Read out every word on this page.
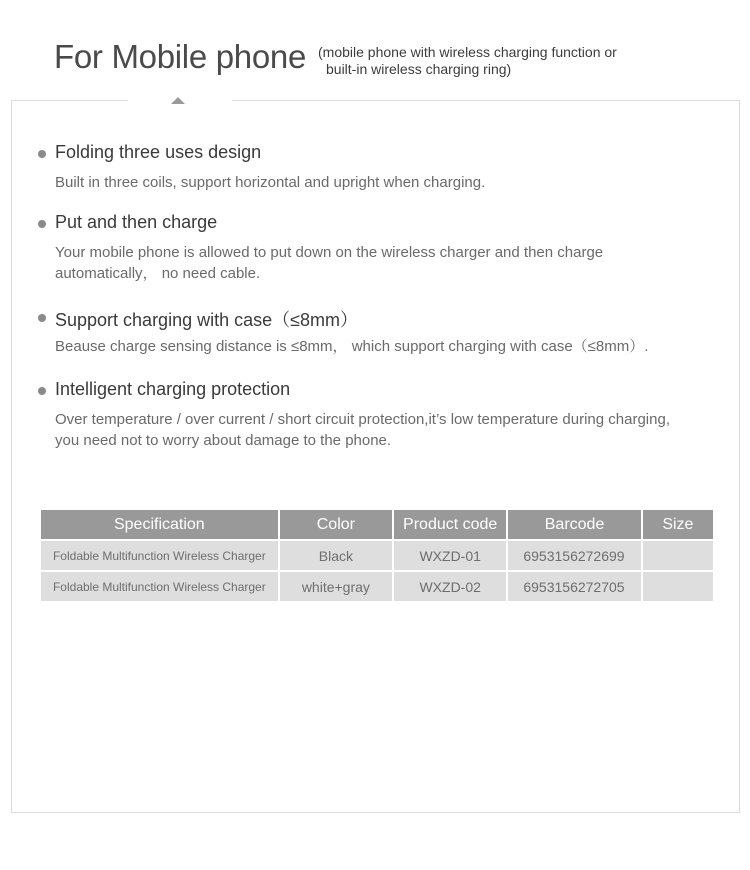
For Mobile phone (mobile phone with wireless charging function or
built-in wireless charging ring)
Folding three uses design
Built in three coils, support horizontal and upright when charging.
Put and then charge
Your mobile phone is allowed to put down on the wireless charger and then charge
automatically， no need cable.
Support charging with case（≤8mm）
Beause charge sensing distance is ≤8mm， which support charging with case（≤8mm）.
Intelligent charging protection
Over temperature / over current / short circuit protection,it’s low temperature during charging,
you need not to worry about damage to the phone.
Specification	Color	Product code	Barcode	Size
Foldable Multifunction Wireless Charger	Black	WXZD-01	6953156272699	
Foldable Multifunction Wireless Charger	white+gray	WXZD-02	6953156272705	
